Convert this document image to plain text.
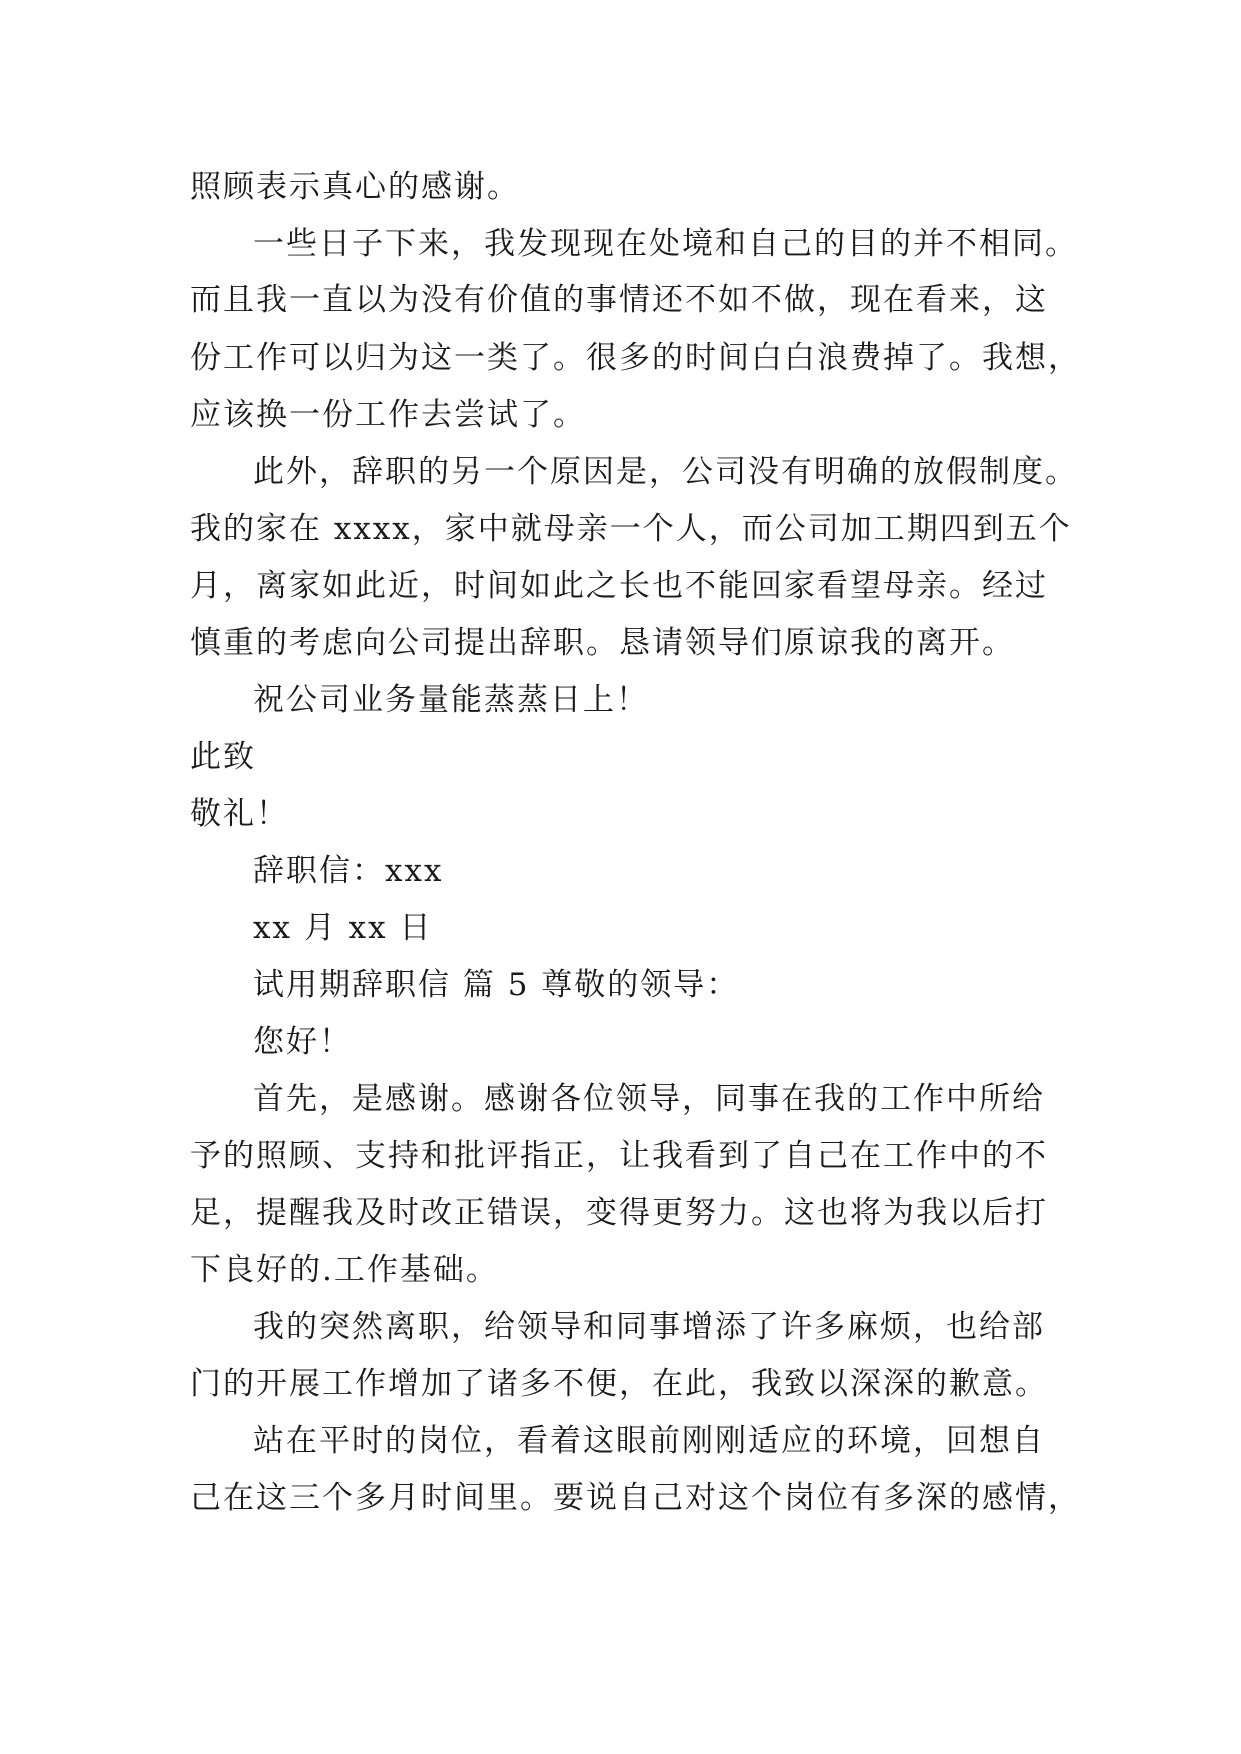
照顾表示真心的感谢。
一些日子下来，我发现现在处境和自己的目的并不相同。
而且我一直以为没有价值的事情还不如不做，现在看来，这
份工作可以归为这一类了。很多的时间白白浪费掉了。我想，
应该换一份工作去尝试了。
此外，辞职的另一个原因是，公司没有明确的放假制度。
我的家在 xxxx，家中就母亲一个人，而公司加工期四到五个
月，离家如此近，时间如此之长也不能回家看望母亲。经过
慎重的考虑向公司提出辞职。恳请领导们原谅我的离开。
祝公司业务量能蒸蒸日上！
此致
敬礼！
辞职信：xxx
xx 月 xx 日
试用期辞职信 篇 5 尊敬的领导：
您好！
首先，是感谢。感谢各位领导，同事在我的工作中所给
予的照顾、支持和批评指正，让我看到了自己在工作中的不
足，提醒我及时改正错误，变得更努力。这也将为我以后打
下良好的.工作基础。
我的突然离职，给领导和同事增添了许多麻烦，也给部
门的开展工作增加了诸多不便，在此，我致以深深的歉意。
站在平时的岗位，看着这眼前刚刚适应的环境，回想自
己在这三个多月时间里。要说自己对这个岗位有多深的感情，
